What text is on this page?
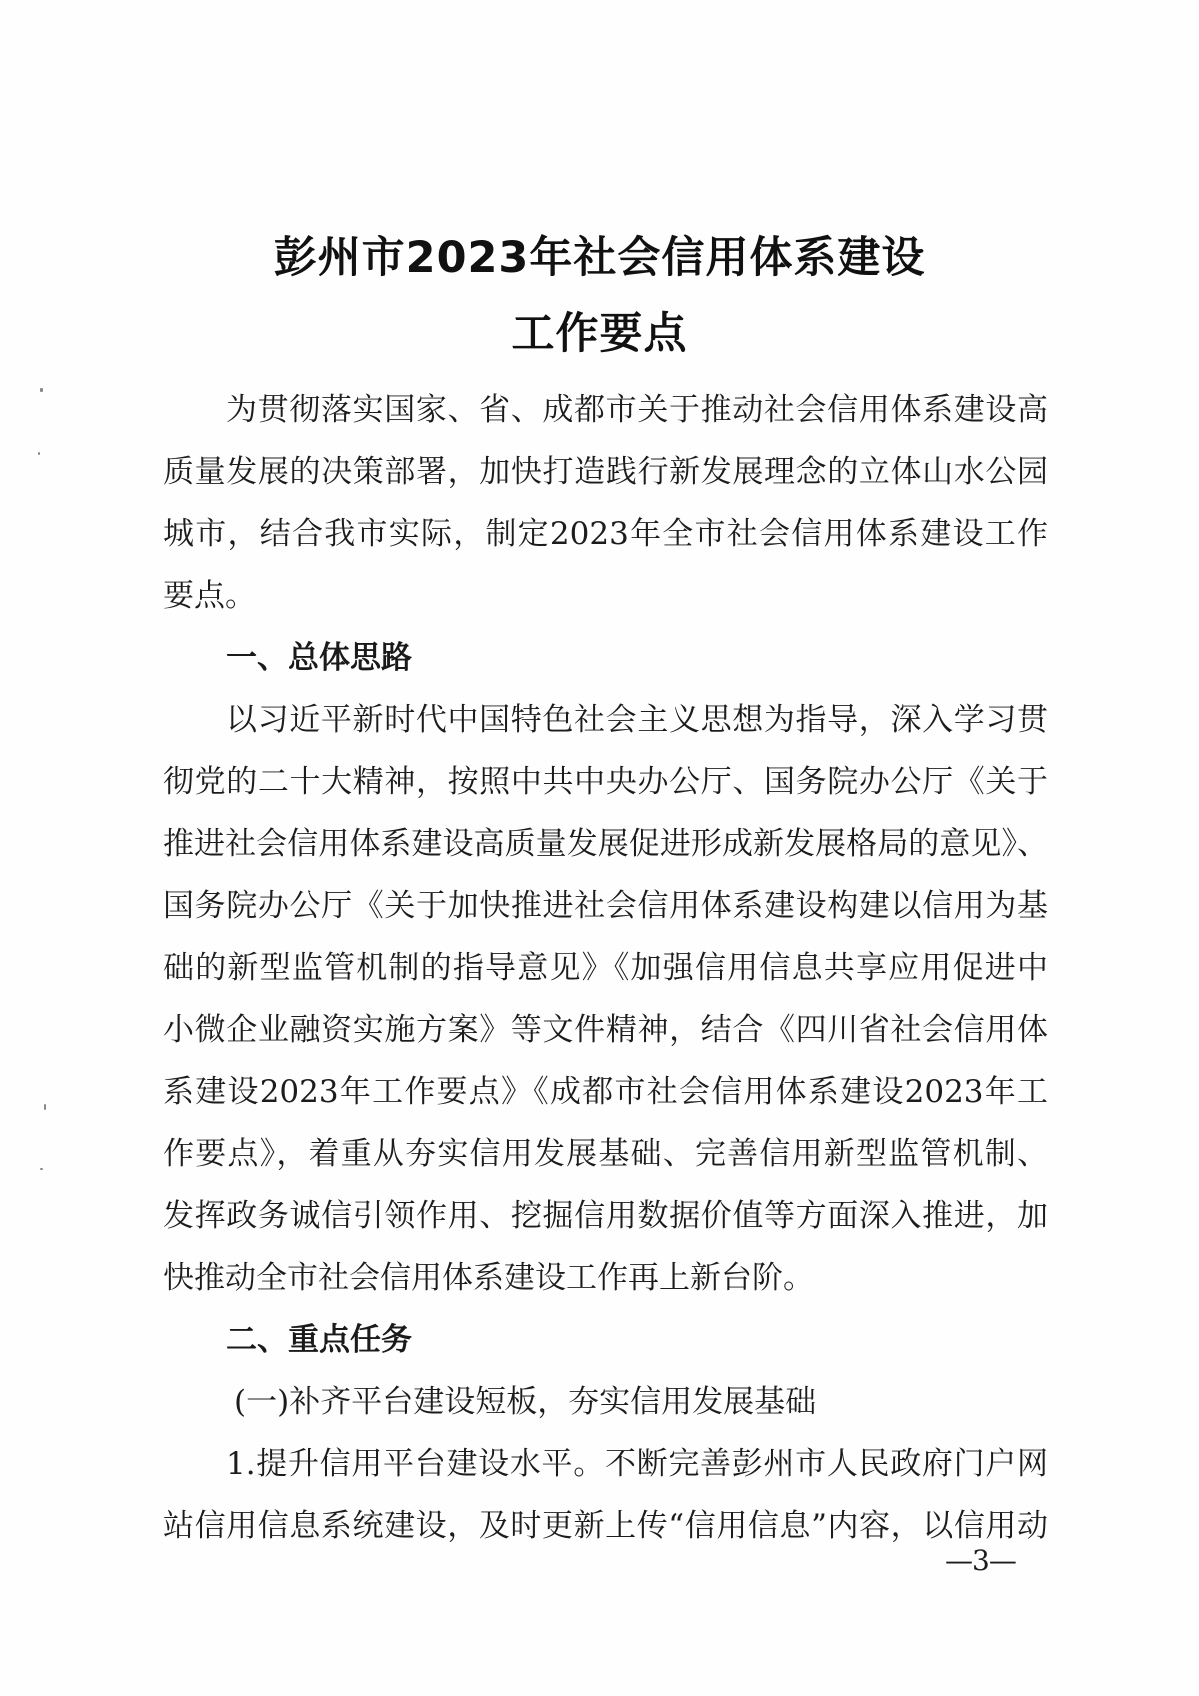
彭州市2023年社会信用体系建设
工作要点
为贯彻落实国家、省、成都市关于推动社会信用体系建设高
质量发展的决策部署，加快打造践行新发展理念的立体山水公园
城市，结合我市实际，制定2023年全市社会信用体系建设工作
要点。
一、总体思路
以习近平新时代中国特色社会主义思想为指导，深入学习贯
彻党的二十大精神，按照中共中央办公厅、国务院办公厅《关于
推进社会信用体系建设高质量发展促进形成新发展格局的意见》、
国务院办公厅《关于加快推进社会信用体系建设构建以信用为基
础的新型监管机制的指导意见》《加强信用信息共享应用促进中
小微企业融资实施方案》等文件精神，结合《四川省社会信用体
系建设2023年工作要点》《成都市社会信用体系建设2023年工
作要点》，着重从夯实信用发展基础、完善信用新型监管机制、
发挥政务诚信引领作用、挖掘信用数据价值等方面深入推进，加
快推动全市社会信用体系建设工作再上新台阶。
二、重点任务
(一)补齐平台建设短板，夯实信用发展基础
1.提升信用平台建设水平。不断完善彭州市人民政府门户网
站信用信息系统建设，及时更新上传“信用信息”内容，以信用动
—3—
